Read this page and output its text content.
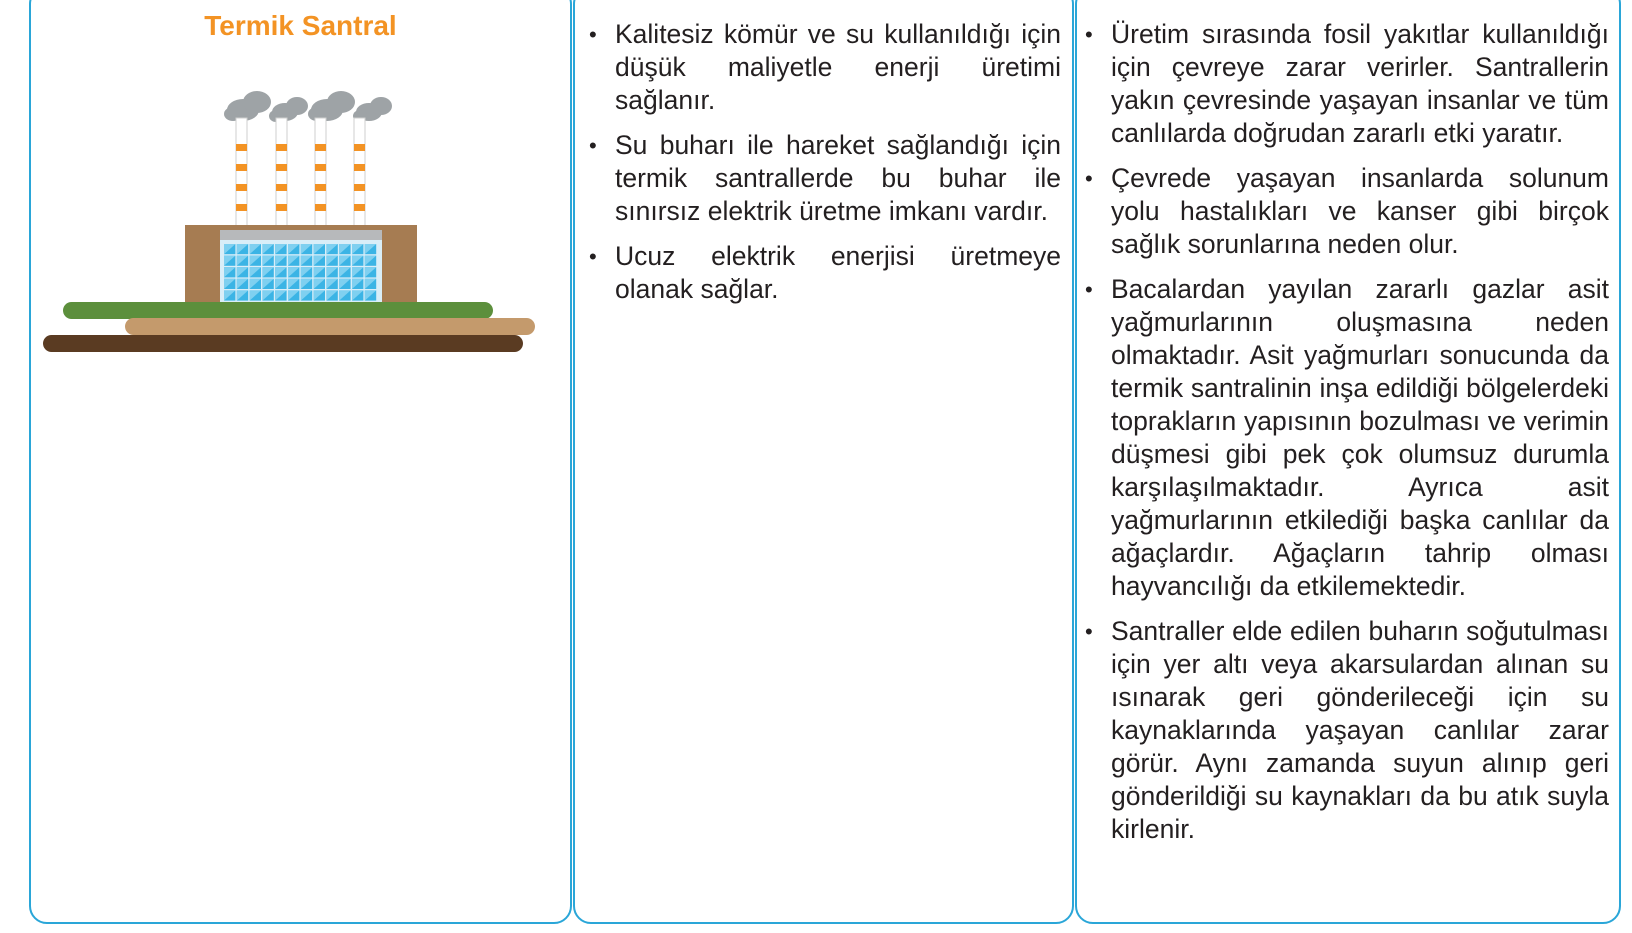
Termik Santral
•	Kalitesiz kömür ve su kullanıldığı için düşük maliyetle enerji üretimi sağlanır.
• Su buharı ile hareket sağlandığı için termik santrallerde bu buhar ile sınırsız elektrik üretme imkanı vardır.
• Ucuz elektrik enerjisi üretmeye olanak sağlar.
• Üretim sırasında fosil yakıtlar kullanıldığı için çevreye zarar verirler. Santrallerin yakın çevresinde yaşayan insanlar ve tüm canlılarda doğrudan zararlı etki yaratır.
• Çevrede yaşayan insanlarda solunum yolu hastalıkları ve kanser gibi birçok sağlık sorunlarına neden olur.
• Bacalardan yayılan zararlı gazlar asit yağmurlarının oluşmasına neden olmaktadır. Asit yağmurları sonucunda da termik santralinin inşa edildiği bölgelerdeki toprakların yapısının bozulması ve verimin düşmesi gibi pek çok olumsuz durumla karşılaşılmaktadır. Ayrıca asit yağmurlarının etkilediği başka canlılar da ağaçlardır. Ağaçların tahrip olması hayvancılığı da etkilemektedir.
• Santraller elde edilen buharın soğutulması için yer altı veya akarsulardan alınan su ısınarak geri gönderileceği için su kaynaklarında yaşayan canlılar zarar görür. Aynı zamanda suyun alınıp geri gönderildiği su kaynakları da bu atık suyla kirlenir.
